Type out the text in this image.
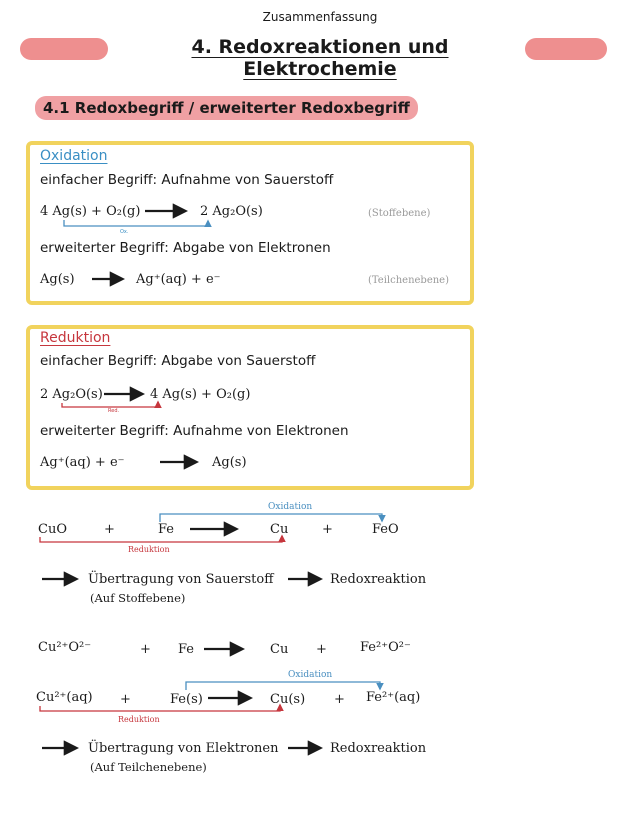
Zusammenfassung
4. Redoxreaktionen und Elektrochemie
4.1 Redoxbegriff / erweiterter Redoxbegriff
Oxidation
einfacher Begriff: Aufnahme von Sauerstoff
4 Ag(s) + O₂(g)	2 Ag₂O(s)	(Stoffebene)
Ox.
erweiterter Begriff: Abgabe von Elektronen
Ag(s)	Ag⁺(aq) + e⁻	(Teilchenebene)
Reduktion
einfacher Begriff: Abgabe von Sauerstoff
2 Ag₂O(s)	4 Ag(s) + O₂(g)
Red.
erweiterter Begriff: Aufnahme von Elektronen
Ag⁺(aq) + e⁻	Ag(s)
Oxidation
CuO	+	Fe	Cu	+	FeO
Reduktion
Übertragung von Sauerstoff	Redoxreaktion
(Auf Stoffebene)
Cu²⁺O²⁻	+ Fe	Cu +	Fe²⁺O²⁻
Oxidation
Cu²⁺(aq) +	Fe(s)	Cu(s) + Fe²⁺(aq)
Reduktion
Übertragung von Elektronen	Redoxreaktion
(Auf Teilchenebene)
